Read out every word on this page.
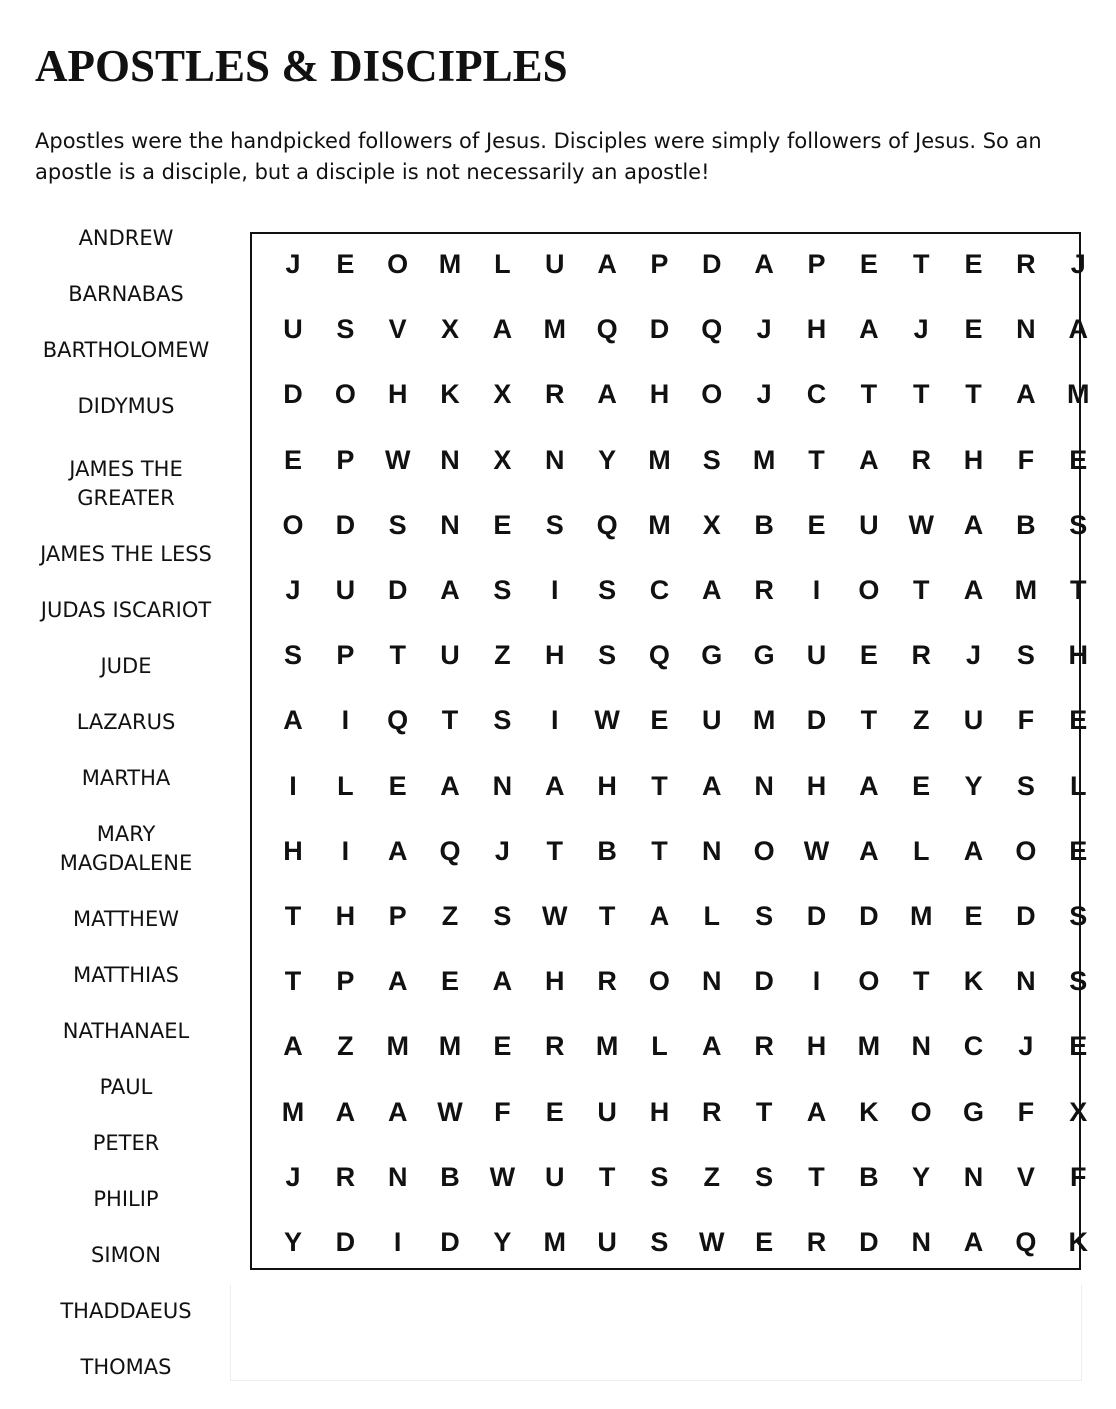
APOSTLES & DISCIPLES

Apostles were the handpicked followers of Jesus. Disciples were simply followers of Jesus. So an apostle is a disciple, but a disciple is not necessarily an apostle!

ANDREW
BARNABAS
BARTHOLOMEW
DIDYMUS
JAMES THE
GREATER
JAMES THE LESS
JUDAS ISCARIOT
JUDE
LAZARUS
MARTHA
MARY
MAGDALENE
MATTHEW
MATTHIAS
NATHANAEL
PAUL
PETER
PHILIP
SIMON
THADDAEUS
THOMAS
J	E	O	M	L	U	A	P	D	A	P	E	T	E	R	J
U	S	V	X	A	M	Q	D	Q	J	H	A	J	E	N	A
D	O	H	K	X	R	A	H	O	J	C	T	T	T	A	M
E	P	W	N	X	N	Y	M	S	M	T	A	R	H	F	E
O	D	S	N	E	S	Q	M	X	B	E	U	W	A	B	S
J	U	D	A	S	I	S	C	A	R	I	O	T	A	M	T
S	P	T	U	Z	H	S	Q	G	G	U	E	R	J	S	H
A	I	Q	T	S	I	W	E	U	M	D	T	Z	U	F	E
I	L	E	A	N	A	H	T	A	N	H	A	E	Y	S	L
H	I	A	Q	J	T	B	T	N	O	W	A	L	A	O	E
T	H	P	Z	S	W	T	A	L	S	D	D	M	E	D	S
T	P	A	E	A	H	R	O	N	D	I	O	T	K	N	S
A	Z	M	M	E	R	M	L	A	R	H	M	N	C	J	E
M	A	A	W	F	E	U	H	R	T	A	K	O	G	F	X
J	R	N	B	W	U	T	S	Z	S	T	B	Y	N	V	F
Y	D	I	D	Y	M	U	S	W	E	R	D	N	A	Q	K
